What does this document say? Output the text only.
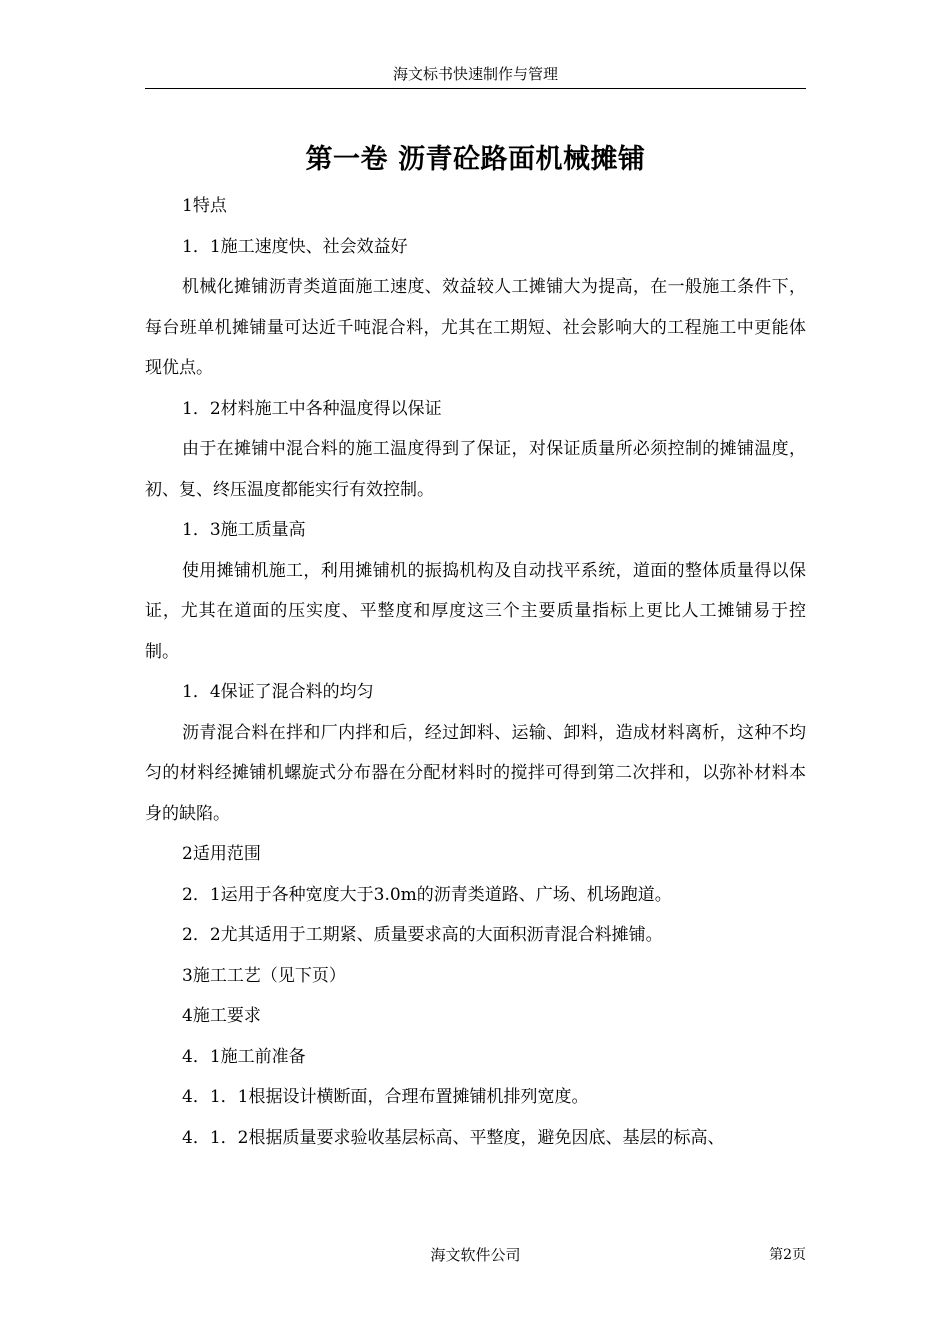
海文标书快速制作与管理
第一卷 沥青砼路面机械摊铺

1特点

1．1施工速度快、社会效益好

机械化摊铺沥青类道面施工速度、效益较人工摊铺大为提高，在一般施工条件下，每台班单机摊铺量可达近千吨混合料，尤其在工期短、社会影响大的工程施工中更能体现优点。

1．2材料施工中各种温度得以保证

由于在摊铺中混合料的施工温度得到了保证，对保证质量所必须控制的摊铺温度，初、复、终压温度都能实行有效控制。

1．3施工质量高

使用摊铺机施工，利用摊铺机的振捣机构及自动找平系统，道面的整体质量得以保证，尤其在道面的压实度、平整度和厚度这三个主要质量指标上更比人工摊铺易于控制。

1．4保证了混合料的均匀

沥青混合料在拌和厂内拌和后，经过卸料、运输、卸料，造成材料离析，这种不均匀的材料经摊铺机螺旋式分布器在分配材料时的搅拌可得到第二次拌和，以弥补材料本身的缺陷。

2适用范围

2．1运用于各种宽度大于3.0m的沥青类道路、广场、机场跑道。

2．2尤其适用于工期紧、质量要求高的大面积沥青混合料摊铺。

3施工工艺（见下页）

4施工要求

4．1施工前准备

4．1．1根据设计横断面，合理布置摊铺机排列宽度。

4．1．2根据质量要求验收基层标高、平整度，避免因底、基层的标高、

海文软件公司	第2页
